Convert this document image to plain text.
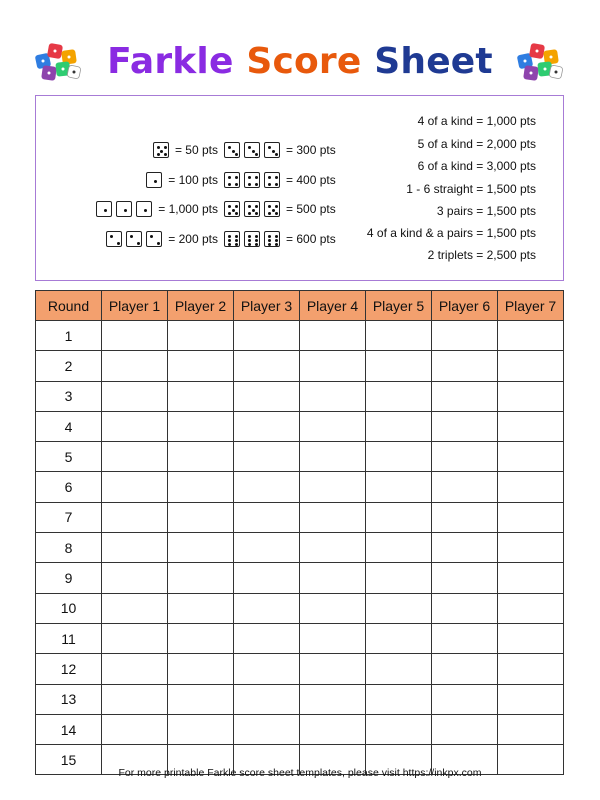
Farkle Score Sheet
= 50 pts
= 100 pts
= 1,000 pts
= 200 pts
= 300 pts
= 400 pts
= 500 pts
= 600 pts
4 of a kind = 1,000 pts
5 of a kind = 2,000 pts
6 of a kind = 3,000 pts
1 - 6 straight = 1,500 pts
3 pairs = 1,500 pts
4 of a kind & a pairs = 1,500 pts
2 triplets = 2,500 pts
Round	Player 1	Player 2	Player 3	Player 4	Player 5	Player 6	Player 7
1							
2							
3							
4							
5							
6							
7							
8							
9							
10							
11							
12							
13							
14							
15							
For more printable Farkle score sheet templates, please visit https://inkpx.com
